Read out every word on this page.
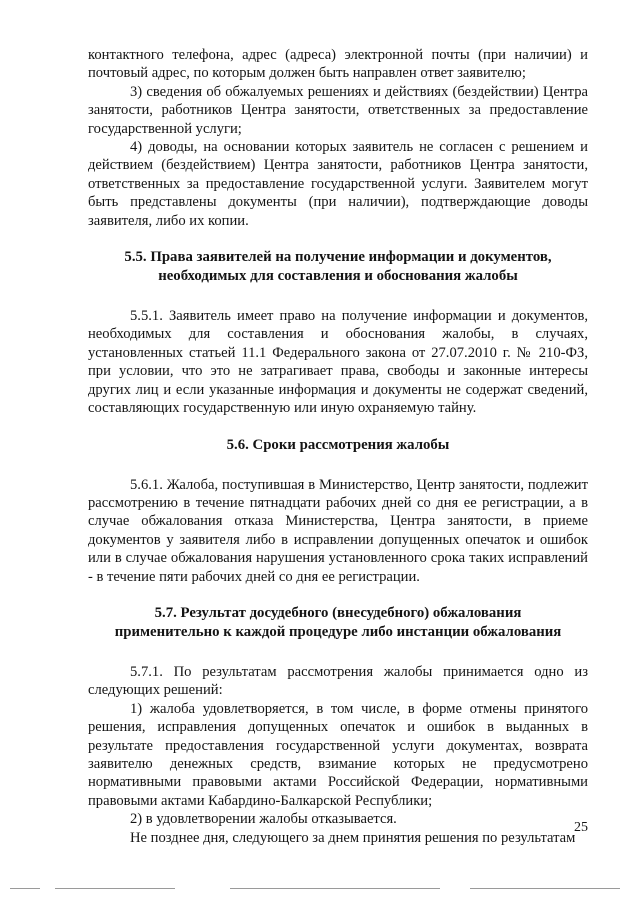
контактного телефона, адрес (адреса) электронной почты (при наличии) и почтовый адрес, по которым должен быть направлен ответ заявителю;

3) сведения об обжалуемых решениях и действиях (бездействии) Центра занятости, работников Центра занятости, ответственных за предоставление государственной услуги;

4) доводы, на основании которых заявитель не согласен с решением и действием (бездействием) Центра занятости, работников Центра занятости, ответственных за предоставление государственной услуги. Заявителем могут быть представлены документы (при наличии), подтверждающие доводы заявителя, либо их копии.

5.5. Права заявителей на получение информации и документов,

необходимых для составления и обоснования жалобы

5.5.1. Заявитель имеет право на получение информации и документов, необходимых для составления и обоснования жалобы, в случаях, установленных статьей 11.1 Федерального закона от 27.07.2010 г. № 210-ФЗ, при условии, что это не затрагивает права, свободы и законные интересы других лиц и если указанные информация и документы не содержат сведений, составляющих государственную или иную охраняемую тайну.

5.6. Сроки рассмотрения жалобы

5.6.1. Жалоба, поступившая в Министерство, Центр занятости, подлежит рассмотрению в течение пятнадцати рабочих дней со дня ее регистрации, а в случае обжалования отказа Министерства, Центра занятости, в приеме документов у заявителя либо в исправлении допущенных опечаток и ошибок или в случае обжалования нарушения установленного срока таких исправлений - в течение пяти рабочих дней со дня ее регистрации.

5.7. Результат досудебного (внесудебного) обжалования

применительно к каждой процедуре либо инстанции обжалования

5.7.1. По результатам рассмотрения жалобы принимается одно из следующих решений:

1) жалоба удовлетворяется, в том числе, в форме отмены принятого решения, исправления допущенных опечаток и ошибок в выданных в результате предоставления государственной услуги документах, возврата заявителю денежных средств, взимание которых не предусмотрено нормативными правовыми актами Российской Федерации, нормативными правовыми актами Кабардино-Балкарской Республики;

2) в удовлетворении жалобы отказывается.

Не позднее дня, следующего за днем принятия решения по результатам

25
